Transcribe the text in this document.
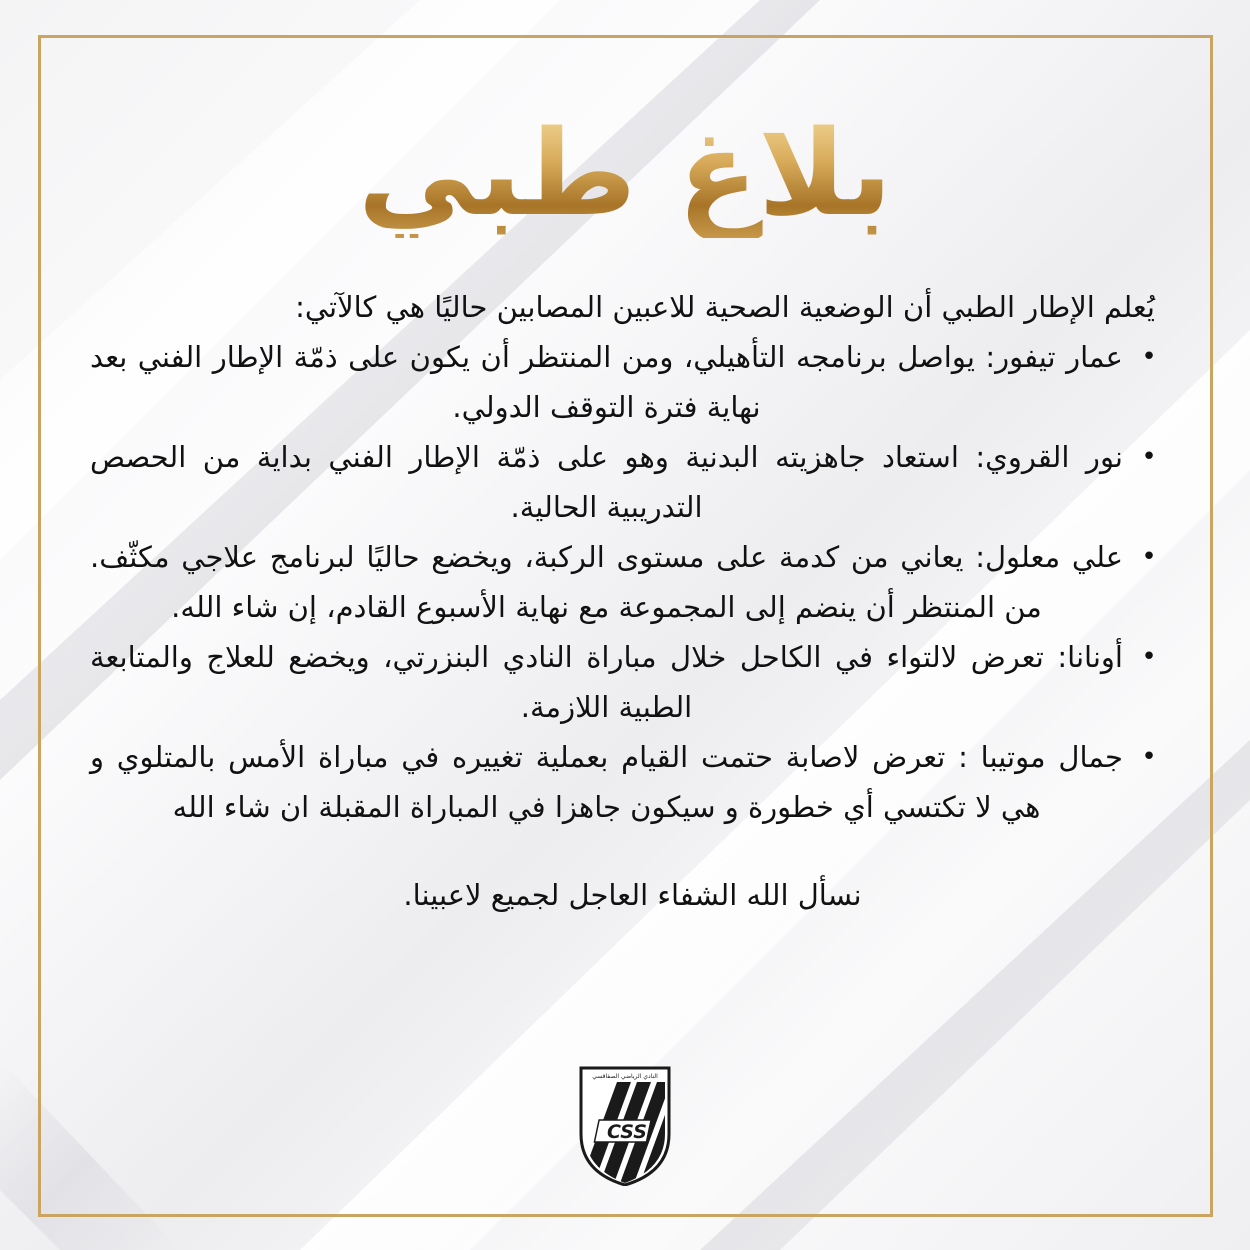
بلاغ طبي

يُعلم الإطار الطبي أن الوضعية الصحية للاعبين المصابين حاليًا هي كالآتي:

•
عمار تيفور: يواصل برنامجه التأهيلي، ومن المنتظر أن يكون على ذمّة الإطار الفني بعد نهاية فترة التوقف الدولي.
•
نور القروي: استعاد جاهزيته البدنية وهو على ذمّة الإطار الفني بداية من الحصص التدريبية الحالية.
•
علي معلول: يعاني من كدمة على مستوى الركبة، ويخضع حاليًا لبرنامج علاجي مكثّف. من المنتظر أن ينضم إلى المجموعة مع نهاية الأسبوع القادم، إن شاء الله.
•
أونانا: تعرض لالتواء في الكاحل خلال مباراة النادي البنزرتي، ويخضع للعلاج والمتابعة الطبية اللازمة.
•
جمال موتيبا : تعرض لاصابة حتمت القيام بعملية تغييره في مباراة الأمس بالمتلوي و هي لا تكتسي أي خطورة و سيكون جاهزا في المباراة المقبلة ان شاء الله

نسأل الله الشفاء العاجل لجميع لاعبينا.

النادي الرياضي الصفاقسي
CSS
